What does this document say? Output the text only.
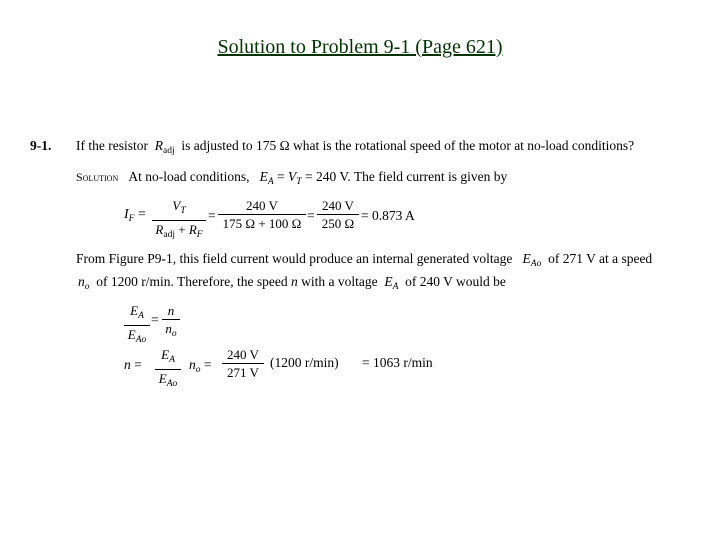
Solution to Problem 9-1 (Page 621)
9-1. If the resistor $R_{adj}$ is adjusted to 175 Ω what is the rotational speed of the motor at no-load conditions?
Solution At no-load conditions, $E_A = V_T = 240$ V. The field current is given by
$I_F$ =
$V_T$
$R_{adj} + R_F$
=
240 V
175 Ω + 100 Ω
=
240 V
250 Ω
= 0.873 A
From Figure P9-1, this field current would produce an internal generated voltage $E_{Ao}$ of 271 V at a speed
$n_o$ of 1200 r/min. Therefore, the speed n with a voltage $E_A$ of 240 V would be
$E_A$
$E_{Ao}$
=
n
$n_o$
n =
$E_A$
$E_{Ao}$
$n_o$ =
240 V
271 V
(1200 r/min) = 1063 r/min
